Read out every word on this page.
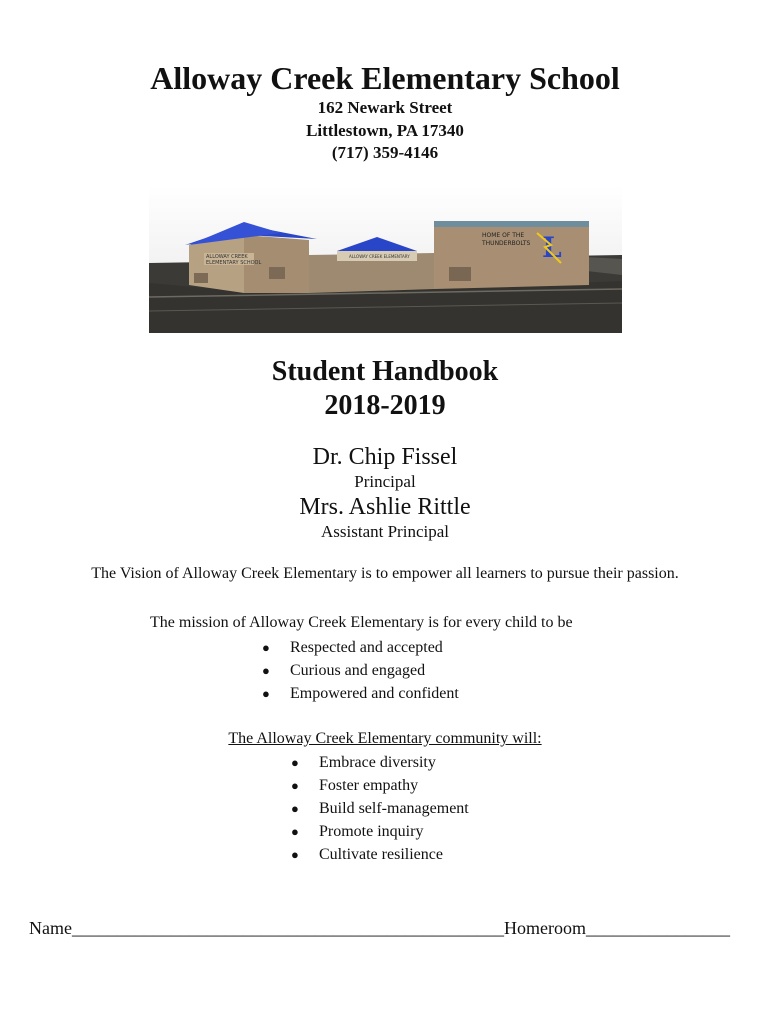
Alloway Creek Elementary School
162 Newark Street
Littlestown, PA 17340
(717) 359-4146
ALLOWAY CREEK
ELEMENTARY SCHOOL
ALLOWAY CREEK ELEMENTARY
HOME OF THE
THUNDERBOLTS L
Student Handbook
2018-2019
Dr. Chip Fissel
Principal
Mrs. Ashlie Rittle
Assistant Principal
The Vision of Alloway Creek Elementary is to empower all learners to pursue their passion.
The mission of Alloway Creek Elementary is for every child to be
● Respected and accepted
● Curious and engaged
● Empowered and confident
The Alloway Creek Elementary community will:
● Embrace diversity
● Foster empathy
● Build self-management
● Promote inquiry
● Cultivate resilience
Name________________________________________________Homeroom________________
